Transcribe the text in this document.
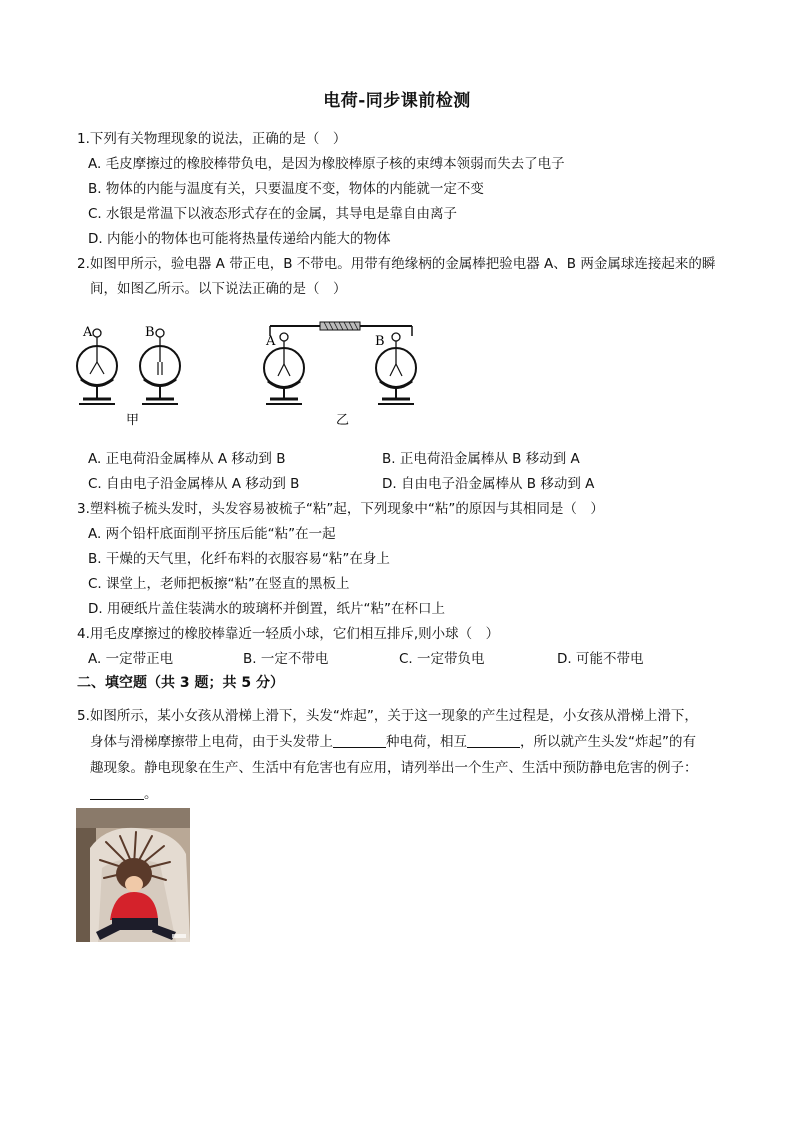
电荷-同步课前检测
1.下列有关物理现象的说法，正确的是（　）
A. 毛皮摩擦过的橡胶棒带负电，是因为橡胶棒原子核的束缚本领弱而失去了电子
B. 物体的内能与温度有关，只要温度不变，物体的内能就一定不变
C. 水银是常温下以液态形式存在的金属，其导电是靠自由离子
D. 内能小的物体也可能将热量传递给内能大的物体
2.如图甲所示，验电器 A 带正电，B 不带电。用带有绝缘柄的金属棒把验电器 A、B 两金属球连接起来的瞬
间，如图乙所示。以下说法正确的是（　）
A	B
甲
A	B
乙
A. 正电荷沿金属棒从 A 移动到 B	B. 正电荷沿金属棒从 B 移动到 A
C. 自由电子沿金属棒从 A 移动到 B	D. 自由电子沿金属棒从 B 移动到 A
3.塑料梳子梳头发时，头发容易被梳子“粘”起，下列现象中“粘”的原因与其相同是（　）
A. 两个铅杆底面削平挤压后能“粘”在一起
B. 干燥的天气里，化纤布料的衣服容易“粘”在身上
C. 课堂上，老师把板擦“粘”在竖直的黑板上
D. 用硬纸片盖住装满水的玻璃杯并倒置，纸片“粘”在杯口上
4.用毛皮摩擦过的橡胶棒靠近一轻质小球，它们相互排斥,则小球（　）
A. 一定带正电	B. 一定不带电	C. 一定带负电	D. 可能不带电
二、填空题（共 3 题；共 5 分）
5.如图所示，某小女孩从滑梯上滑下，头发“炸起”，关于这一现象的产生过程是，小女孩从滑梯上滑下，
身体与滑梯摩擦带上电荷，由于头发带上	种电荷，相互	，所以就产生头发“炸起”的有
趣现象。静电现象在生产、生活中有危害也有应用，请列举出一个生产、生活中预防静电危害的例子：
。
